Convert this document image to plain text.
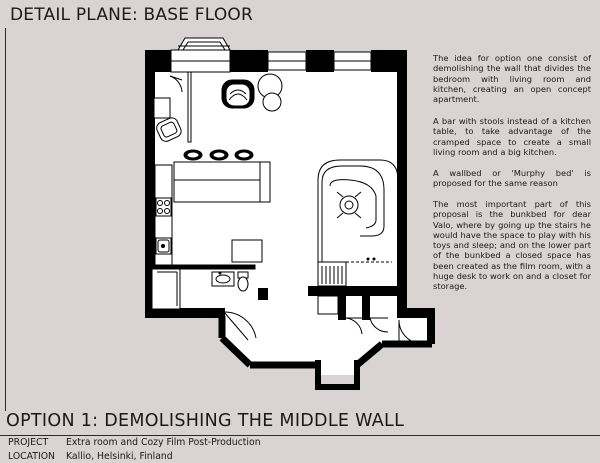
DETAIL PLANE: BASE FLOOR
The idea for option one consist of demolishing the wall that divides the bedroom with living room and kitchen, creating an open concept apartment.
A bar with stools instead of a kitchen table, to take advantage of the cramped space to create a small living room and a big kitchen.
A wallbed or 'Murphy bed' is proposed for the same reason
The most important part of this proposal is the bunkbed for dear Valo, where by going up the stairs he would have the space to play with his toys and sleep; and on the lower part of the bunkbed a closed space has been created as the film room, with a huge desk to work on and a closet for storage.
OPTION 1: DEMOLISHING THE MIDDLE WALL
PROJECT	Extra room and Cozy Film Post-Production
LOCATION	Kallio, Helsinki, Finland
